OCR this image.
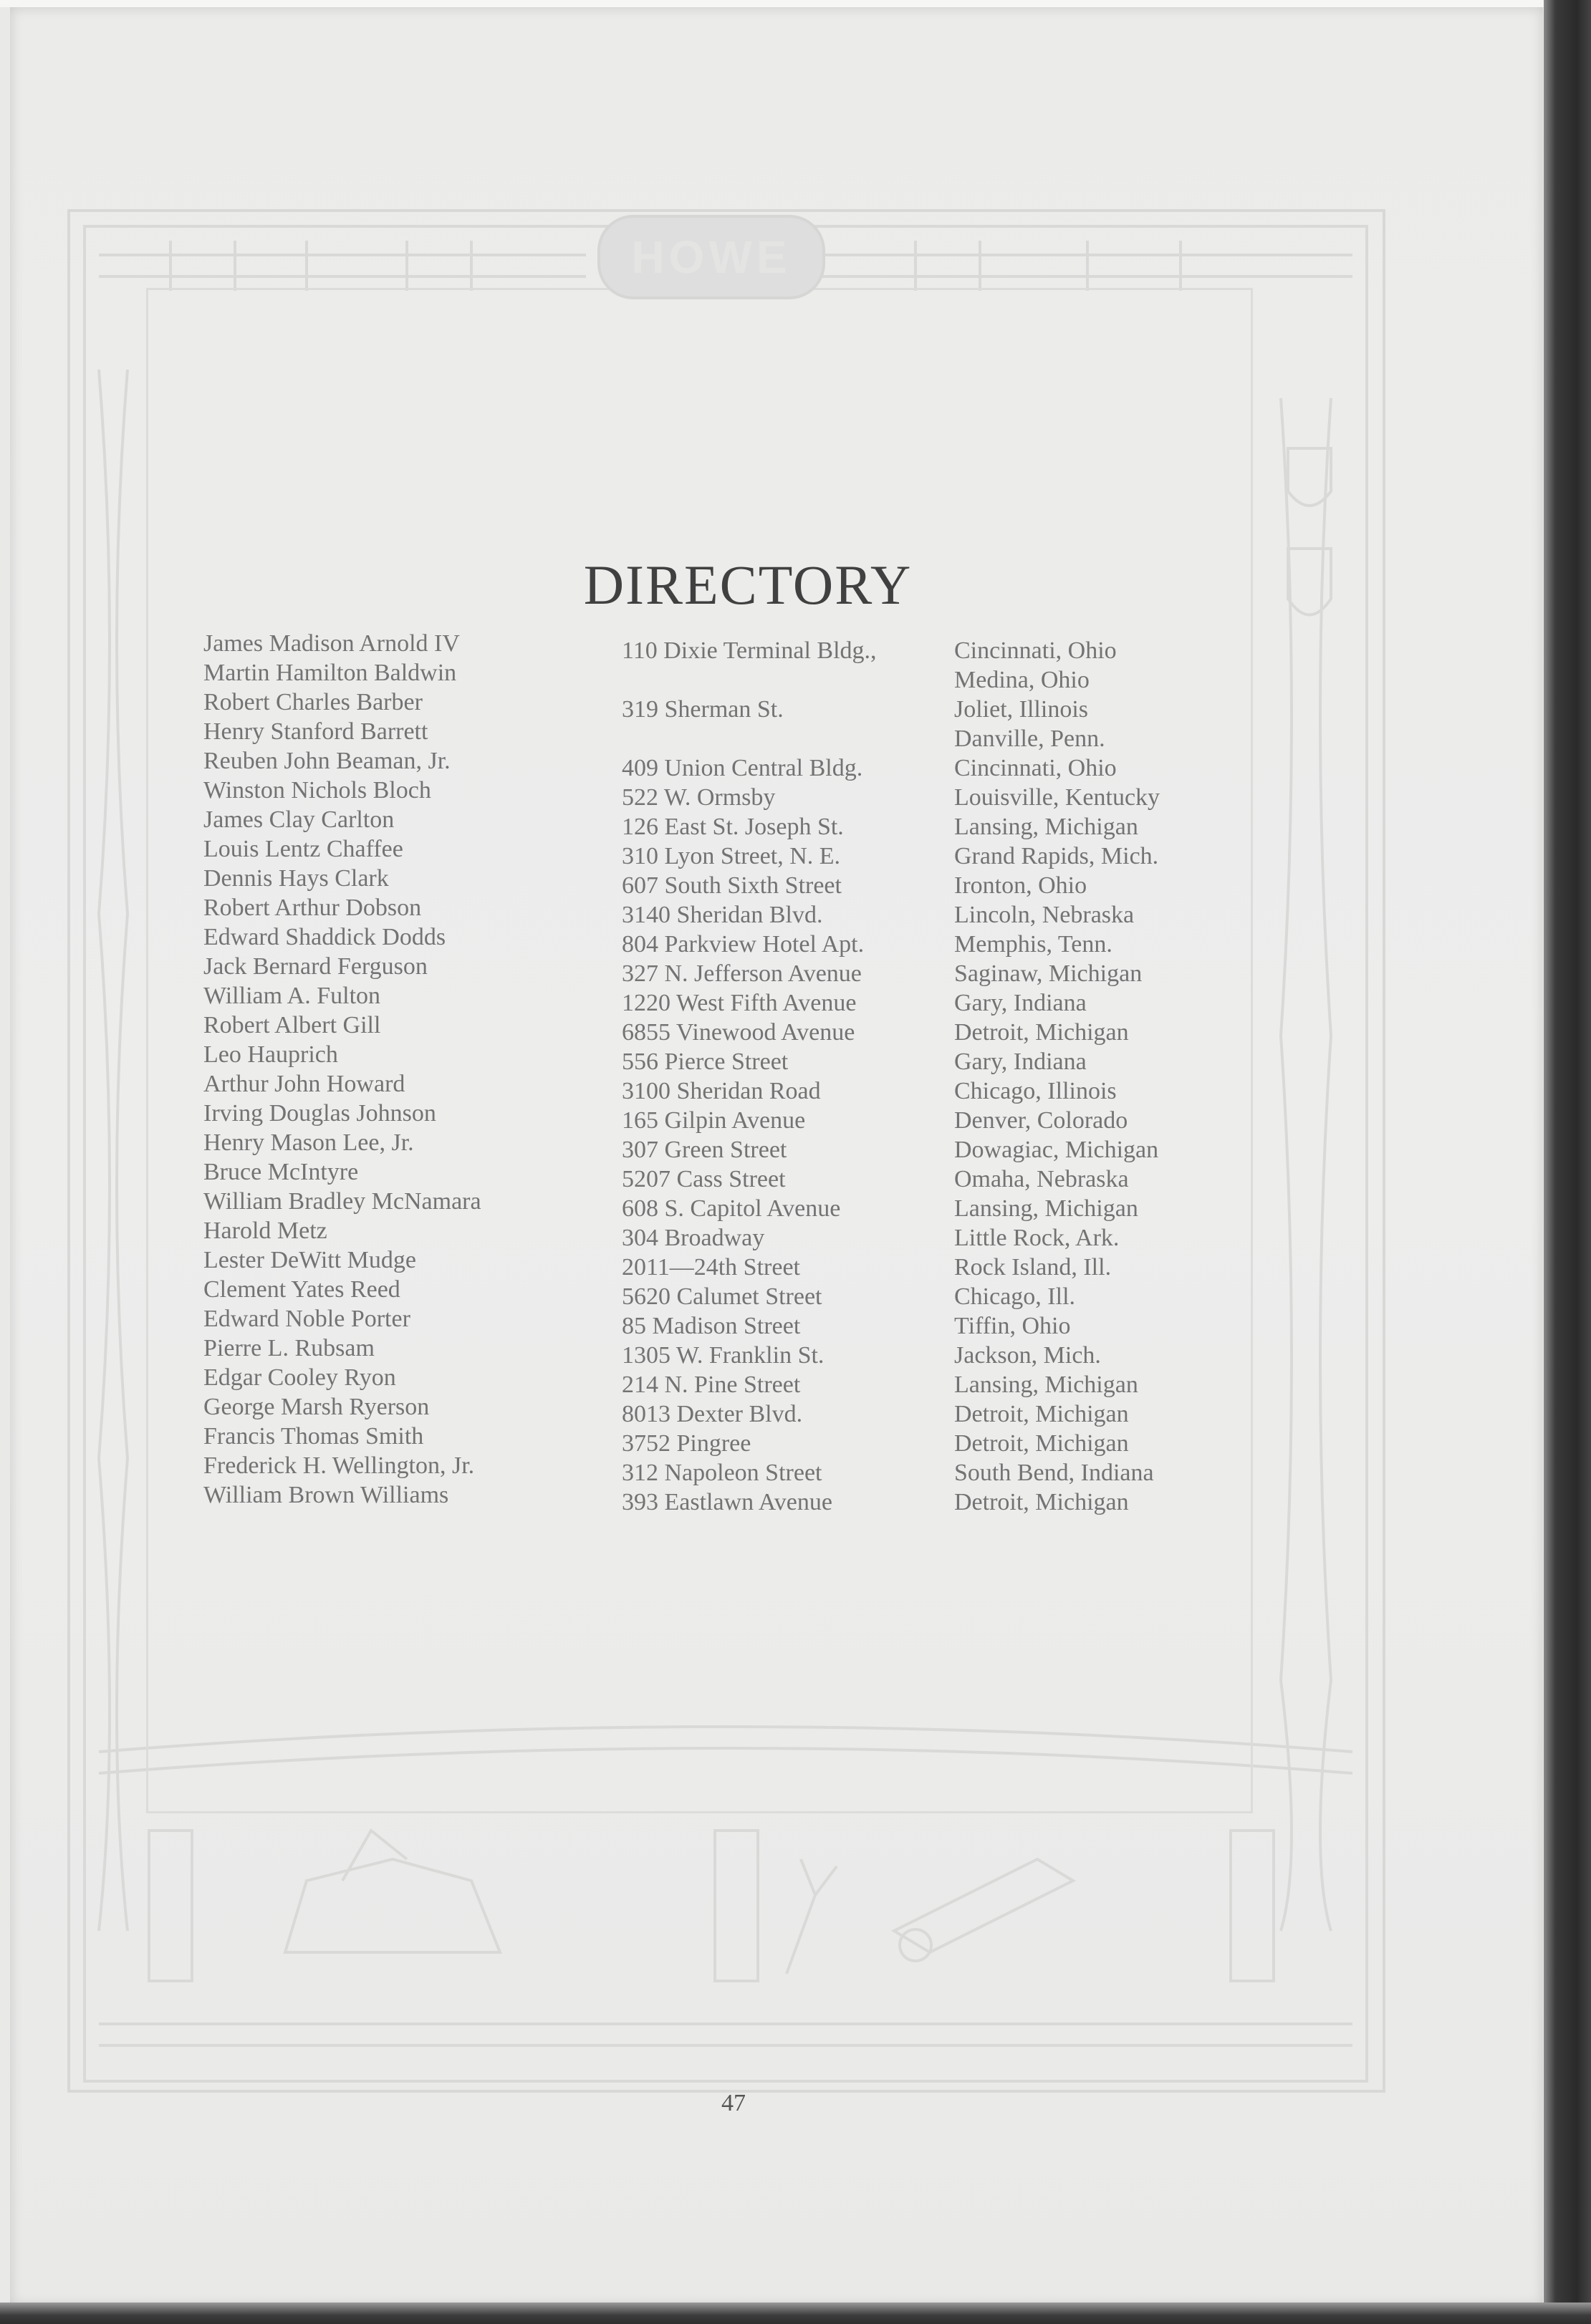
HOWE
DIRECTORY
James Madison Arnold IV
Martin Hamilton Baldwin
Robert Charles Barber
Henry Stanford Barrett
Reuben John Beaman, Jr.
Winston Nichols Bloch
James Clay Carlton
Louis Lentz Chaffee
Dennis Hays Clark
Robert Arthur Dobson
Edward Shaddick Dodds
Jack Bernard Ferguson
William A. Fulton
Robert Albert Gill
Leo Hauprich
Arthur John Howard
Irving Douglas Johnson
Henry Mason Lee, Jr.
Bruce McIntyre
William Bradley McNamara
Harold Metz
Lester DeWitt Mudge
Clement Yates Reed
Edward Noble Porter
Pierre L. Rubsam
Edgar Cooley Ryon
George Marsh Ryerson
Francis Thomas Smith
Frederick H. Wellington, Jr.
William Brown Williams
110 Dixie Terminal Bldg.,
319 Sherman St.
409 Union Central Bldg.
522 W. Ormsby
126 East St. Joseph St.
310 Lyon Street, N. E.
607 South Sixth Street
3140 Sheridan Blvd.
804 Parkview Hotel Apt.
327 N. Jefferson Avenue
1220 West Fifth Avenue
6855 Vinewood Avenue
556 Pierce Street
3100 Sheridan Road
165 Gilpin Avenue
307 Green Street
5207 Cass Street
608 S. Capitol Avenue
304 Broadway
2011—24th Street
5620 Calumet Street
85 Madison Street
1305 W. Franklin St.
214 N. Pine Street
8013 Dexter Blvd.
3752 Pingree
312 Napoleon Street
393 Eastlawn Avenue
Cincinnati, Ohio
Medina, Ohio
Joliet, Illinois
Danville, Penn.
Cincinnati, Ohio
Louisville, Kentucky
Lansing, Michigan
Grand Rapids, Mich.
Ironton, Ohio
Lincoln, Nebraska
Memphis, Tenn.
Saginaw, Michigan
Gary, Indiana
Detroit, Michigan
Gary, Indiana
Chicago, Illinois
Denver, Colorado
Dowagiac, Michigan
Omaha, Nebraska
Lansing, Michigan
Little Rock, Ark.
Rock Island, Ill.
Chicago, Ill.
Tiffin, Ohio
Jackson, Mich.
Lansing, Michigan
Detroit, Michigan
Detroit, Michigan
South Bend, Indiana
Detroit, Michigan
47
